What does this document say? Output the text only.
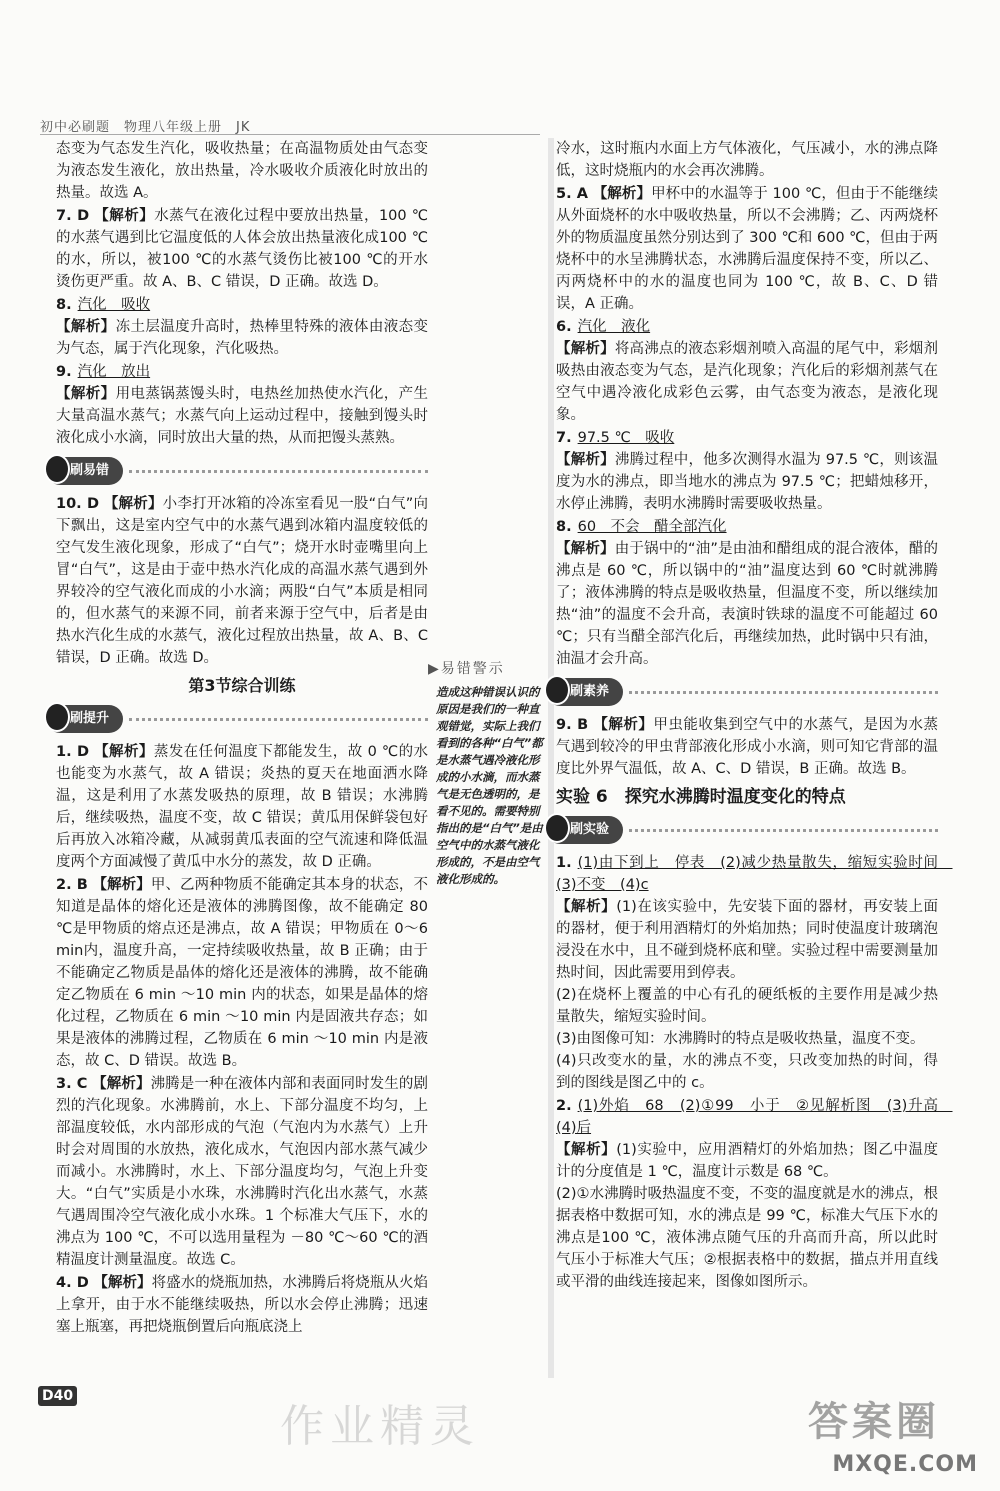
初中必刷题　物理八年级上册　JK

态变为气态发生汽化，吸收热量；在高温物质处由气态变为液态发生液化，放出热量，冷水吸收介质液化时放出的热量。故选 A。

7. D 【解析】水蒸气在液化过程中要放出热量，100 ℃的水蒸气遇到比它温度低的人体会放出热量液化成100 ℃的水，所以，被100 ℃的水蒸气烫伤比被100 ℃的开水烫伤更严重。故 A、B、C 错误，D 正确。故选 D。

8. 汽化　吸收
【解析】冻土层温度升高时，热棒里特殊的液体由液态变为气态，属于汽化现象，汽化吸热。

9. 汽化　放出
【解析】用电蒸锅蒸馒头时，电热丝加热使水汽化，产生大量高温水蒸气；水蒸气向上运动过程中，接触到馒头时液化成小水滴，同时放出大量的热，从而把馒头蒸熟。

刷易错

10. D 【解析】小李打开冰箱的冷冻室看见一股“白气”向下飘出，这是室内空气中的水蒸气遇到冰箱内温度较低的空气发生液化现象，形成了“白气”；烧开水时壶嘴里向上冒“白气”，这是由于壶中热水汽化成的高温水蒸气遇到外界较冷的空气液化而成的小水滴；两股“白气”本质是相同的，但水蒸气的来源不同，前者来源于空气中，后者是由热水汽化生成的水蒸气，液化过程放出热量，故 A、B、C 错误，D 正确。故选 D。

第3节综合训练
刷提升

1. D 【解析】蒸发在任何温度下都能发生，故 0 ℃的水也能变为水蒸气，故 A 错误；炎热的夏天在地面洒水降温，这是利用了水蒸发吸热的原理，故 B 错误；水沸腾后，继续吸热，温度不变，故 C 错误；黄瓜用保鲜袋包好后再放入冰箱冷藏，从减弱黄瓜表面的空气流速和降低温度两个方面减慢了黄瓜中水分的蒸发，故 D 正确。

2. B 【解析】甲、乙两种物质不能确定其本身的状态，不知道是晶体的熔化还是液体的沸腾图像，故不能确定 80 ℃是甲物质的熔点还是沸点，故 A 错误；甲物质在 0～6 min内，温度升高，一定持续吸收热量，故 B 正确；由于不能确定乙物质是晶体的熔化还是液体的沸腾，故不能确定乙物质在 6 min ～10 min 内的状态，如果是晶体的熔化过程，乙物质在 6 min ～10 min 内是固液共存态；如果是液体的沸腾过程，乙物质在 6 min ～10 min 内是液态，故 C、D 错误。故选 B。

3. C 【解析】沸腾是一种在液体内部和表面同时发生的剧烈的汽化现象。水沸腾前，水上、下部分温度不均匀，上部温度较低，水内部形成的气泡（气泡内为水蒸气）上升时会对周围的水放热，液化成水，气泡因内部水蒸气减少而减小。水沸腾时，水上、下部分温度均匀，气泡上升变大。“白气”实质是小水珠，水沸腾时汽化出水蒸气，水蒸气遇周围冷空气液化成小水珠。1 个标准大气压下，水的沸点为 100 ℃，不可以选用量程为 －80 ℃～60 ℃的酒精温度计测量温度。故选 C。

4. D 【解析】将盛水的烧瓶加热，水沸腾后将烧瓶从火焰上拿开，由于水不能继续吸热，所以水会停止沸腾；迅速塞上瓶塞，再把烧瓶倒置后向瓶底浇上

▶易错警示
造成这种错误认识的原因是我们的一种直观错觉，实际上我们看到的各种“白气”都是水蒸气遇冷液化形成的小水滴，而水蒸气是无色透明的，是看不见的。需要特别指出的是“白气”是由空气中的水蒸气液化形成的，不是由空气液化形成的。

冷水，这时瓶内水面上方气体液化，气压减小，水的沸点降低，这时烧瓶内的水会再次沸腾。

5. A 【解析】甲杯中的水温等于 100 ℃，但由于不能继续从外面烧杯的水中吸收热量，所以不会沸腾；乙、丙两烧杯外的物质温度虽然分别达到了 300 ℃和 600 ℃，但由于两烧杯中的水呈沸腾状态，水沸腾后温度保持不变，所以乙、丙两烧杯中的水的温度也同为 100 ℃，故 B、C、D 错误，A 正确。

6. 汽化　液化
【解析】将高沸点的液态彩烟剂喷入高温的尾气中，彩烟剂吸热由液态变为气态，是汽化现象；汽化后的彩烟剂蒸气在空气中遇冷液化成彩色云雾，由气态变为液态，是液化现象。

7. 97.5 ℃　吸收
【解析】沸腾过程中，他多次测得水温为 97.5 ℃，则该温度为水的沸点，即当地水的沸点为 97.5 ℃；把蜡烛移开，水停止沸腾，表明水沸腾时需要吸收热量。

8. 60　不会　醋全部汽化
【解析】由于锅中的“油”是由油和醋组成的混合液体，醋的沸点是 60 ℃，所以锅中的“油”温度达到 60 ℃时就沸腾了；液体沸腾的特点是吸收热量，但温度不变，所以继续加热“油”的温度不会升高，表演时铁球的温度不可能超过 60 ℃；只有当醋全部汽化后，再继续加热，此时锅中只有油，油温才会升高。

刷素养

9. B 【解析】甲虫能收集到空气中的水蒸气，是因为水蒸气遇到较冷的甲虫背部液化形成小水滴，则可知它背部的温度比外界气温低，故 A、C、D 错误，B 正确。故选 B。

实验 6　探究水沸腾时温度变化的特点
刷实验

1. (1)由下到上　停表　(2)减少热量散失，缩短实验时间　(3)不变　(4)c
【解析】(1)在该实验中，先安装下面的器材，再安装上面的器材，便于利用酒精灯的外焰加热；同时使温度计玻璃泡浸没在水中，且不碰到烧杯底和壁。实验过程中需要测量加热时间，因此需要用到停表。
(2)在烧杯上覆盖的中心有孔的硬纸板的主要作用是减少热量散失，缩短实验时间。
(3)由图像可知：水沸腾时的特点是吸收热量，温度不变。
(4)只改变水的量，水的沸点不变，只改变加热的时间，得到的图线是图乙中的 c。

2. (1)外焰　68　(2)①99　小于　②见解析图　(3)升高　(4)后
【解析】(1)实验中，应用酒精灯的外焰加热；图乙中温度计的分度值是 1 ℃，温度计示数是 68 ℃。
(2)①水沸腾时吸热温度不变，不变的温度就是水的沸点，根据表格中数据可知，水的沸点是 99 ℃，标准大气压下水的沸点是100 ℃，液体沸点随气压的升高而升高，所以此时气压小于标准大气压；②根据表格中的数据，描点并用直线或平滑的曲线连接起来，图像如图所示。

D40
作业精灵	答案圈
MXQE.COM
